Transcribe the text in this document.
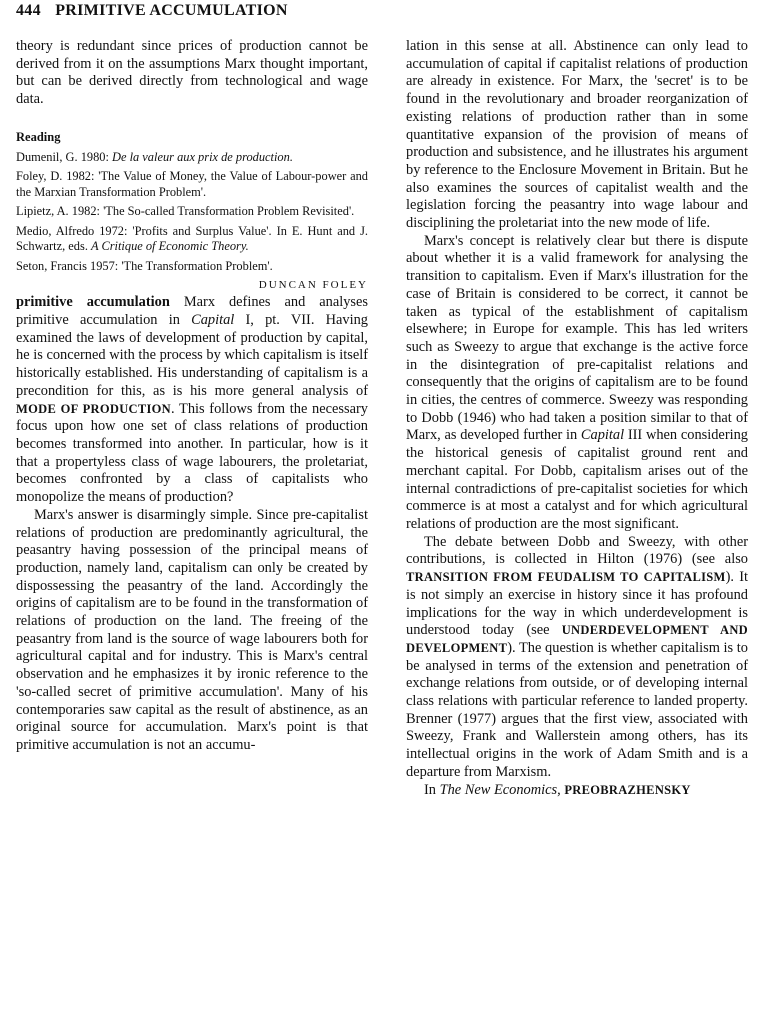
444 PRIMITIVE ACCUMULATION

theory is redundant since prices of production cannot be derived from it on the assumptions Marx thought important, but can be derived directly from technological and wage data.

Reading
Dumenil, G. 1980: De la valeur aux prix de production.
Foley, D. 1982: 'The Value of Money, the Value of Labour-power and the Marxian Transformation Problem'.
Lipietz, A. 1982: 'The So-called Transformation Problem Revisited'.
Medio, Alfredo 1972: 'Profits and Surplus Value'. In E. Hunt and J. Schwartz, eds. A Critique of Economic Theory.
Seton, Francis 1957: 'The Transformation Problem'.
DUNCAN FOLEY

primitive accumulation Marx defines and analyses primitive accumulation in Capital I, pt. VII. Having examined the laws of development of production by capital, he is concerned with the process by which capitalism is itself historically established. His understanding of capitalism is a precondition for this, as is his more general analysis of MODE OF PRODUCTION. This follows from the necessary focus upon how one set of class relations of production becomes transformed into another. In particular, how is it that a propertyless class of wage labourers, the proletariat, becomes confronted by a class of capitalists who monopolize the means of production?

Marx's answer is disarmingly simple. Since pre-capitalist relations of production are predominantly agricultural, the peasantry having possession of the principal means of production, namely land, capitalism can only be created by dispossessing the peasantry of the land. Accordingly the origins of capitalism are to be found in the transformation of relations of production on the land. The freeing of the peasantry from land is the source of wage labourers both for agricultural capital and for industry. This is Marx's central observation and he emphasizes it by ironic reference to the 'so-called secret of primitive accumulation'. Many of his contemporaries saw capital as the result of abstinence, as an original source for accumulation. Marx's point is that primitive accumulation is not an accumu-

lation in this sense at all. Abstinence can only lead to accumulation of capital if capitalist relations of production are already in existence. For Marx, the 'secret' is to be found in the revolutionary and broader reorganization of existing relations of production rather than in some quantitative expansion of the provision of means of production and subsistence, and he illustrates his argument by reference to the Enclosure Movement in Britain. But he also examines the sources of capitalist wealth and the legislation forcing the peasantry into wage labour and disciplining the proletariat into the new mode of life.

Marx's concept is relatively clear but there is dispute about whether it is a valid framework for analysing the transition to capitalism. Even if Marx's illustration for the case of Britain is considered to be correct, it cannot be taken as typical of the establishment of capitalism elsewhere; in Europe for example. This has led writers such as Sweezy to argue that exchange is the active force in the disintegration of pre-capitalist relations and consequently that the origins of capitalism are to be found in cities, the centres of commerce. Sweezy was responding to Dobb (1946) who had taken a position similar to that of Marx, as developed further in Capital III when considering the historical genesis of capitalist ground rent and merchant capital. For Dobb, capitalism arises out of the internal contradictions of pre-capitalist societies for which commerce is at most a catalyst and for which agricultural relations of production are the most significant.

The debate between Dobb and Sweezy, with other contributions, is collected in Hilton (1976) (see also TRANSITION FROM FEUDALISM TO CAPITALISM). It is not simply an exercise in history since it has profound implications for the way in which underdevelopment is understood today (see UNDERDEVELOPMENT AND DEVELOPMENT). The question is whether capitalism is to be analysed in terms of the extension and penetration of exchange relations from outside, or of developing internal class relations with particular reference to landed property. Brenner (1977) argues that the first view, associated with Sweezy, Frank and Wallerstein among others, has its intellectual origins in the work of Adam Smith and is a departure from Marxism.

In The New Economics, PREOBRAZHENSKY
